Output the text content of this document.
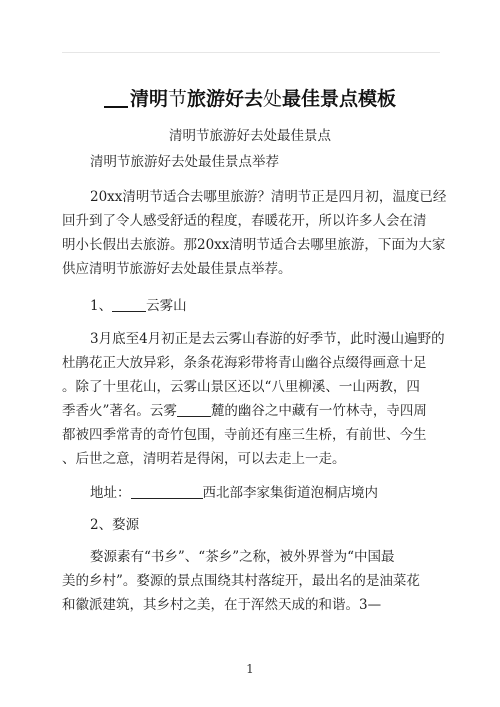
清明节旅游好去处最佳景点模板
清明节旅游好去处最佳景点
清明节旅游好去处最佳景点举荐
20xx清明节适合去哪里旅游？清明节正是四月初，温度已经
回升到了令人感受舒适的程度，春暖花开，所以许多人会在清
明小长假出去旅游。那20xx清明节适合去哪里旅游，下面为大家
供应清明节旅游好去处最佳景点举荐。
1、	云雾山
3月底至4月初正是去云雾山春游的好季节，此时漫山遍野的
杜鹃花正大放异彩，条条花海彩带将青山幽谷点缀得画意十足
。除了十里花山，云雾山景区还以“八里柳溪、一山两教，四
季香火”著名。云雾	麓的幽谷之中藏有一竹林寺，寺四周
都被四季常青的奇竹包围，寺前还有座三生桥，有前世、今生
、后世之意，清明若是得闲，可以去走上一走。
地址：	西北部李家集街道泡桐店境内
2、婺源
婺源素有“书乡”、“茶乡”之称，被外界誉为“中国最
美的乡村”。婺源的景点围绕其村落绽开，最出名的是油菜花
和徽派建筑，其乡村之美，在于浑然天成的和谐。3—
1
